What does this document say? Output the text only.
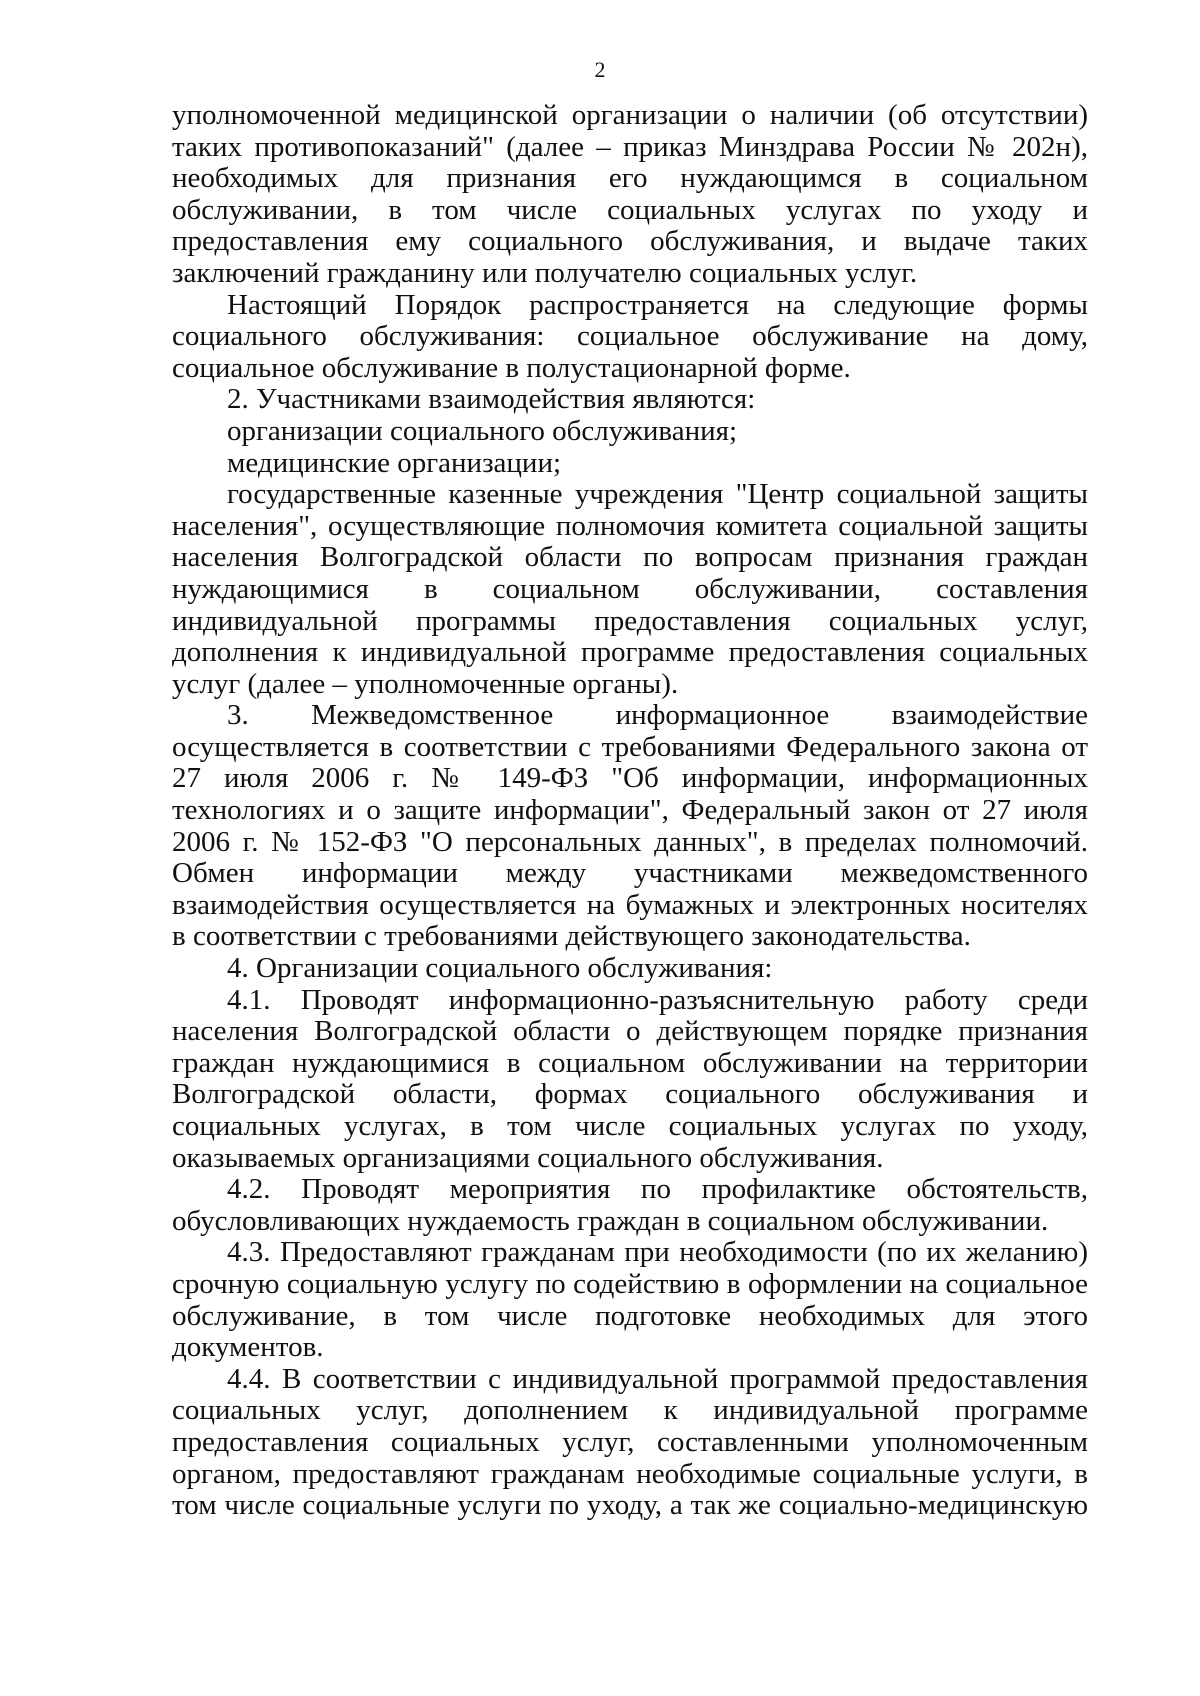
2

уполномоченной медицинской организации о наличии (об отсутствии) таких противопоказаний" (далее – приказ Минздрава России № 202н), необходимых для признания его нуждающимся в социальном обслуживании, в том числе социальных услугах по уходу и предоставления ему социального обслуживания, и выдаче таких заключений гражданину или получателю социальных услуг.

Настоящий Порядок распространяется на следующие формы социального обслуживания: социальное обслуживание на дому, социальное обслуживание в полустационарной форме.

2. Участниками взаимодействия являются:

организации социального обслуживания;

медицинские организации;

государственные казенные учреждения "Центр социальной защиты населения", осуществляющие полномочия комитета социальной защиты населения Волгоградской области по вопросам признания граждан нуждающимися в социальном обслуживании, составления индивидуальной программы предоставления социальных услуг, дополнения к индивидуальной программе предоставления социальных услуг (далее – уполномоченные органы).

3. Межведомственное информационное взаимодействие осуществляется в соответствии с требованиями Федерального закона от 27 июля 2006 г. № 149-ФЗ "Об информации, информационных технологиях и о защите информации", Федеральный закон от 27 июля 2006 г. № 152-ФЗ "О персональных данных", в пределах полномочий. Обмен информации между участниками межведомственного взаимодействия осуществляется на бумажных и электронных носителях в соответствии с требованиями действующего законодательства.

4. Организации социального обслуживания:

4.1. Проводят информационно-разъяснительную работу среди населения Волгоградской области о действующем порядке признания граждан нуждающимися в социальном обслуживании на территории Волгоградской области, формах социального обслуживания и социальных услугах, в том числе социальных услугах по уходу, оказываемых организациями социального обслуживания.

4.2. Проводят мероприятия по профилактике обстоятельств, обусловливающих нуждаемость граждан в социальном обслуживании.

4.3. Предоставляют гражданам при необходимости (по их желанию) срочную социальную услугу по содействию в оформлении на социальное обслуживание, в том числе подготовке необходимых для этого документов.

4.4. В соответствии с индивидуальной программой предоставления социальных услуг, дополнением к индивидуальной программе предоставления социальных услуг, составленными уполномоченным органом, предоставляют гражданам необходимые социальные услуги, в том числе социальные услуги по уходу, а так же социально-медицинскую
